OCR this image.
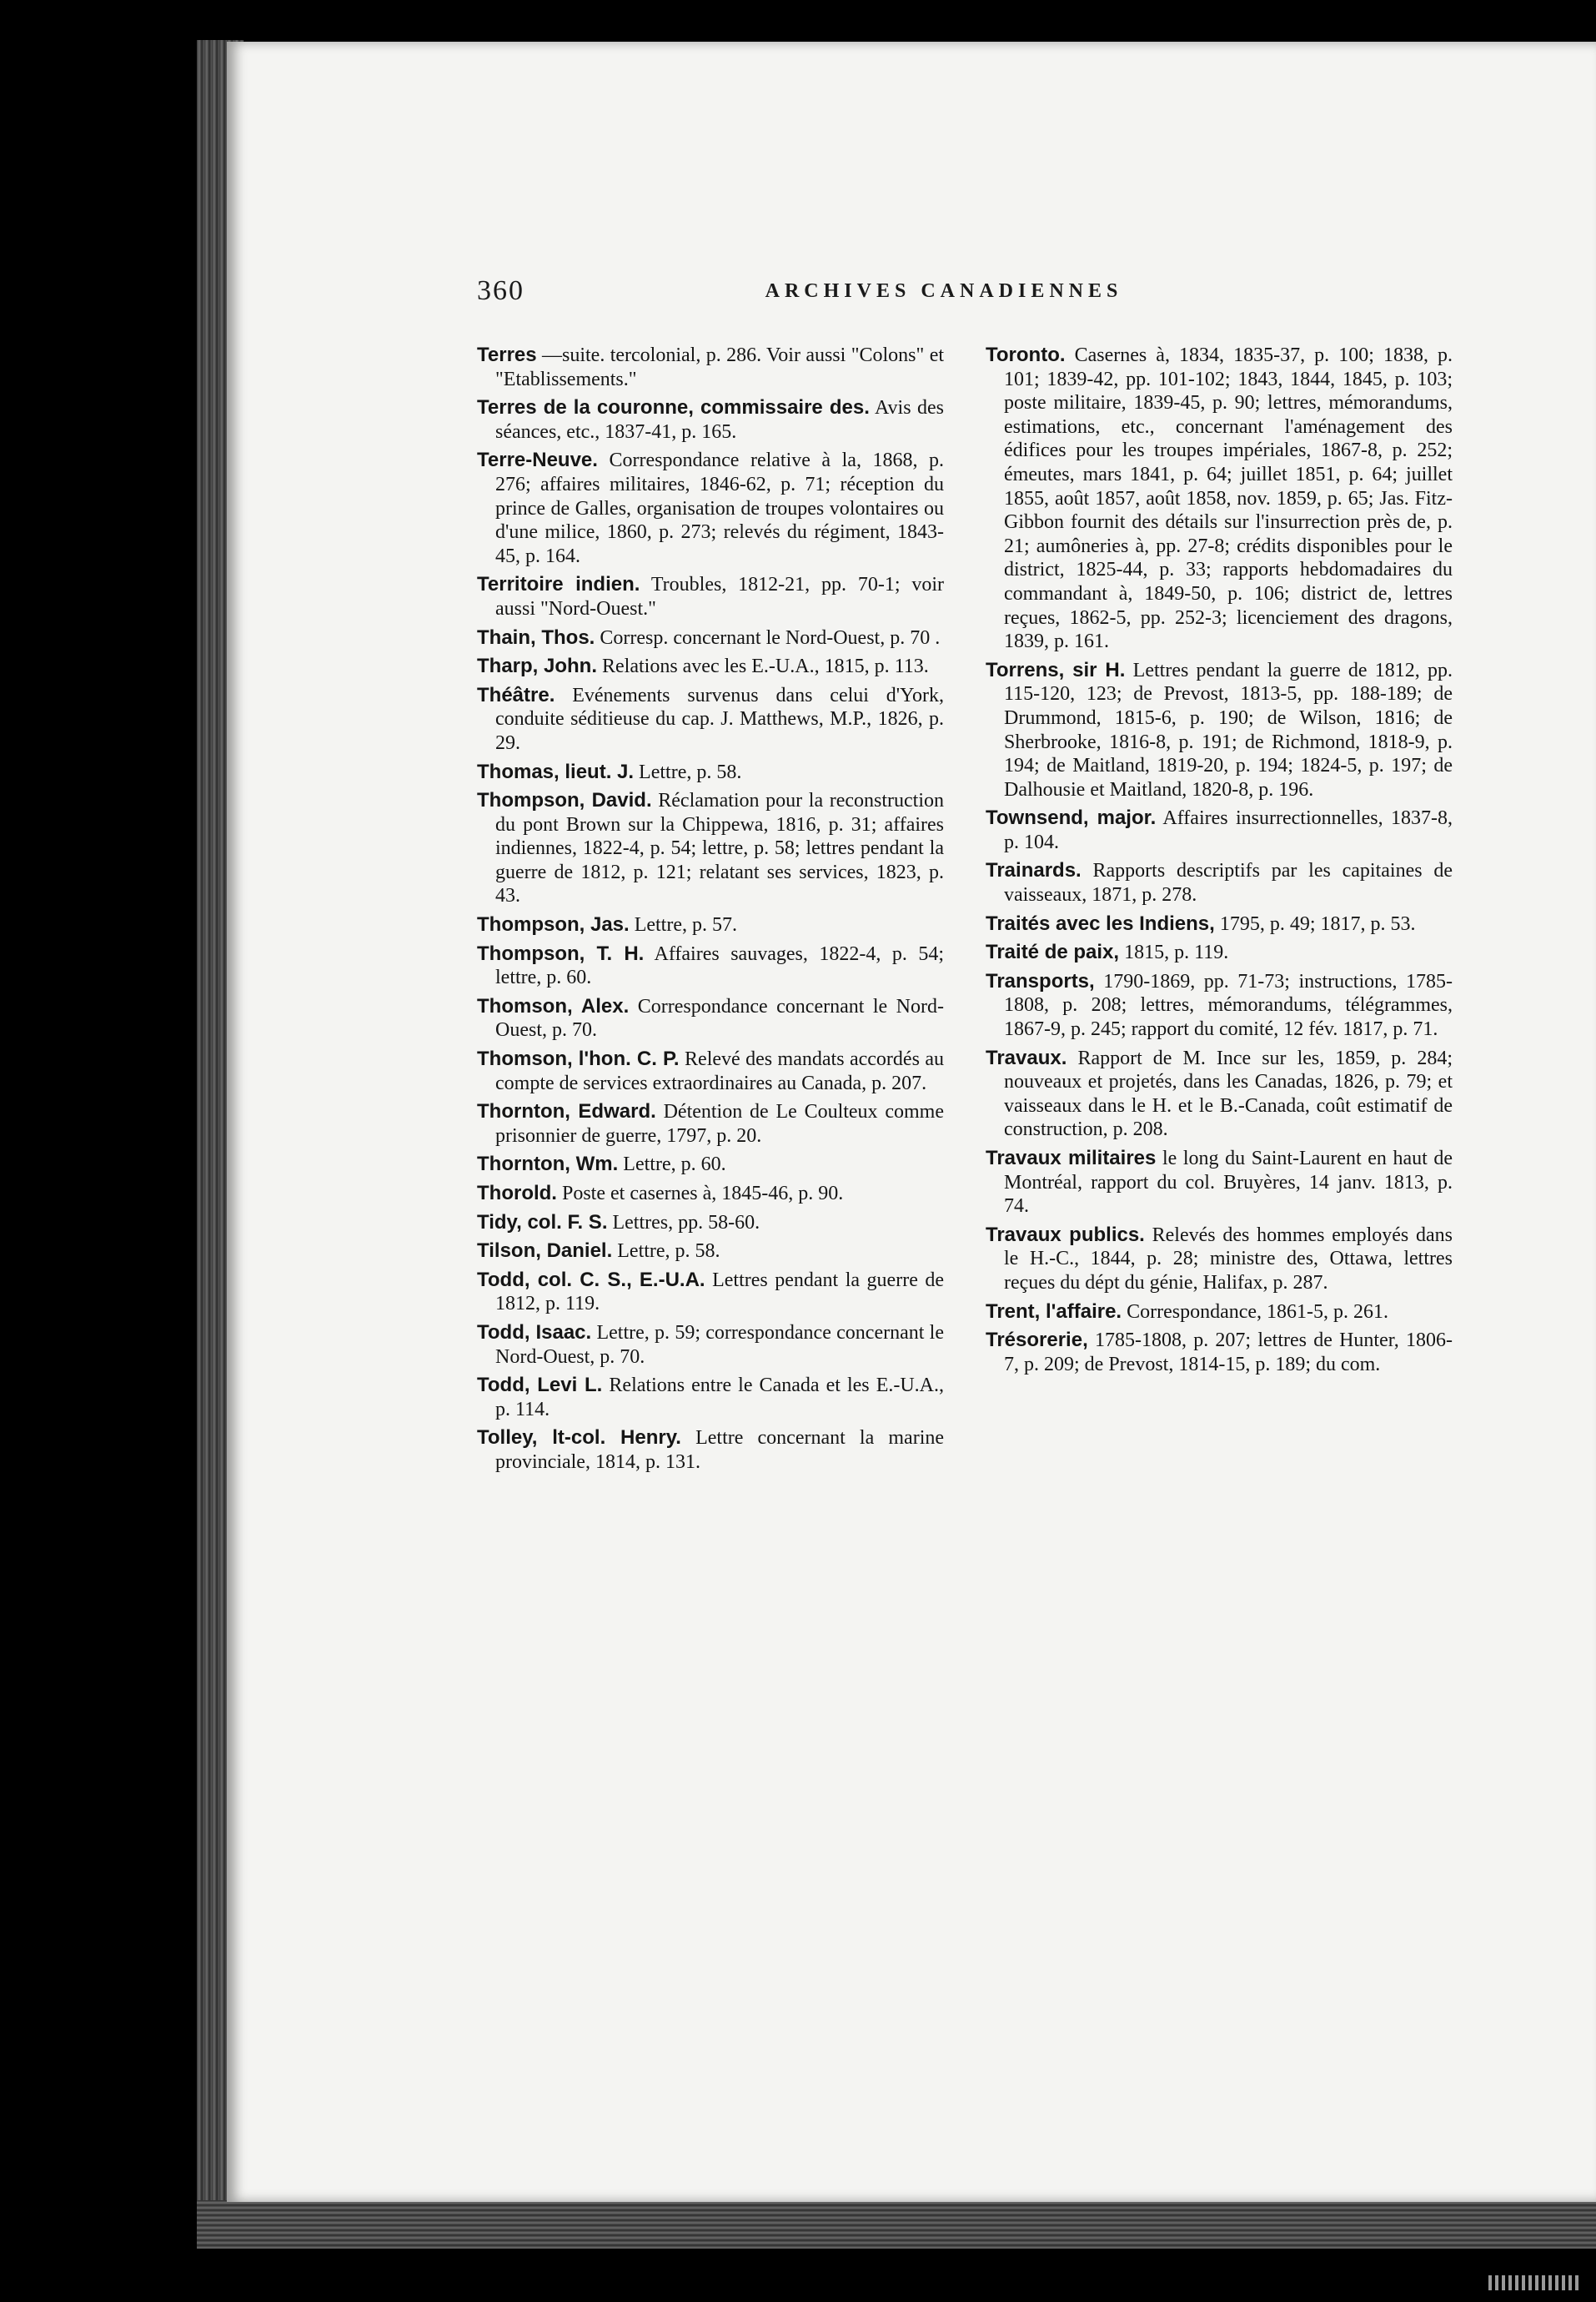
360	ARCHIVES CANADIENNES

Terres —suite. tercolonial, p. 286. Voir aussi "Colons" et "Etablissements."

Terres de la couronne, commissaire des. Avis des séances, etc., 1837-41, p. 165.

Terre-Neuve. Correspondance relative à la, 1868, p. 276; affaires militaires, 1846-62, p. 71; réception du prince de Galles, organisation de troupes volontaires ou d'une milice, 1860, p. 273; relevés du régiment, 1843-45, p. 164.

Territoire indien. Troubles, 1812-21, pp. 70-1; voir aussi "Nord-Ouest."

Thain, Thos. Corresp. concernant le Nord-Ouest, p. 70 .

Tharp, John. Relations avec les E.-U.A., 1815, p. 113.

Théâtre. Evénements survenus dans celui d'York, conduite séditieuse du cap. J. Matthews, M.P., 1826, p. 29.

Thomas, lieut. J. Lettre, p. 58.

Thompson, David. Réclamation pour la reconstruction du pont Brown sur la Chippewa, 1816, p. 31; affaires indiennes, 1822-4, p. 54; lettre, p. 58; lettres pendant la guerre de 1812, p. 121; relatant ses services, 1823, p. 43.

Thompson, Jas. Lettre, p. 57.

Thompson, T. H. Affaires sauvages, 1822-4, p. 54; lettre, p. 60.

Thomson, Alex. Correspondance concernant le Nord-Ouest, p. 70.

Thomson, l'hon. C. P. Relevé des mandats accordés au compte de services extraordinaires au Canada, p. 207.

Thornton, Edward. Détention de Le Coulteux comme prisonnier de guerre, 1797, p. 20.

Thornton, Wm. Lettre, p. 60.

Thorold. Poste et casernes à, 1845-46, p. 90.

Tidy, col. F. S. Lettres, pp. 58-60.

Tilson, Daniel. Lettre, p. 58.

Todd, col. C. S., E.-U.A. Lettres pendant la guerre de 1812, p. 119.

Todd, Isaac. Lettre, p. 59; correspondance concernant le Nord-Ouest, p. 70.

Todd, Levi L. Relations entre le Canada et les E.-U.A., p. 114.

Tolley, lt-col. Henry. Lettre concernant la marine provinciale, 1814, p. 131.

Toronto. Casernes à, 1834, 1835-37, p. 100; 1838, p. 101; 1839-42, pp. 101-102; 1843, 1844, 1845, p. 103; poste militaire, 1839-45, p. 90; lettres, mémorandums, estimations, etc., concernant l'aménagement des édifices pour les troupes impériales, 1867-8, p. 252; émeutes, mars 1841, p. 64; juillet 1851, p. 64; juillet 1855, août 1857, août 1858, nov. 1859, p. 65; Jas. Fitz-Gibbon fournit des détails sur l'insurrection près de, p. 21; aumôneries à, pp. 27-8; crédits disponibles pour le district, 1825-44, p. 33; rapports hebdomadaires du commandant à, 1849-50, p. 106; district de, lettres reçues, 1862-5, pp. 252-3; licenciement des dragons, 1839, p. 161.

Torrens, sir H. Lettres pendant la guerre de 1812, pp. 115-120, 123; de Prevost, 1813-5, pp. 188-189; de Drummond, 1815-6, p. 190; de Wilson, 1816; de Sherbrooke, 1816-8, p. 191; de Richmond, 1818-9, p. 194; de Maitland, 1819-20, p. 194; 1824-5, p. 197; de Dalhousie et Maitland, 1820-8, p. 196.

Townsend, major. Affaires insurrectionnelles, 1837-8, p. 104.

Trainards. Rapports descriptifs par les capitaines de vaisseaux, 1871, p. 278.

Traités avec les Indiens, 1795, p. 49; 1817, p. 53.

Traité de paix, 1815, p. 119.

Transports, 1790-1869, pp. 71-73; instructions, 1785-1808, p. 208; lettres, mémorandums, télégrammes, 1867-9, p. 245; rapport du comité, 12 fév. 1817, p. 71.

Travaux. Rapport de M. Ince sur les, 1859, p. 284; nouveaux et projetés, dans les Canadas, 1826, p. 79; et vaisseaux dans le H. et le B.-Canada, coût estimatif de construction, p. 208.

Travaux militaires le long du Saint-Laurent en haut de Montréal, rapport du col. Bruyères, 14 janv. 1813, p. 74.

Travaux publics. Relevés des hommes employés dans le H.-C., 1844, p. 28; ministre des, Ottawa, lettres reçues du dépt du génie, Halifax, p. 287.

Trent, l'affaire. Correspondance, 1861-5, p. 261.

Trésorerie, 1785-1808, p. 207; lettres de Hunter, 1806-7, p. 209; de Prevost, 1814-15, p. 189; du com.
